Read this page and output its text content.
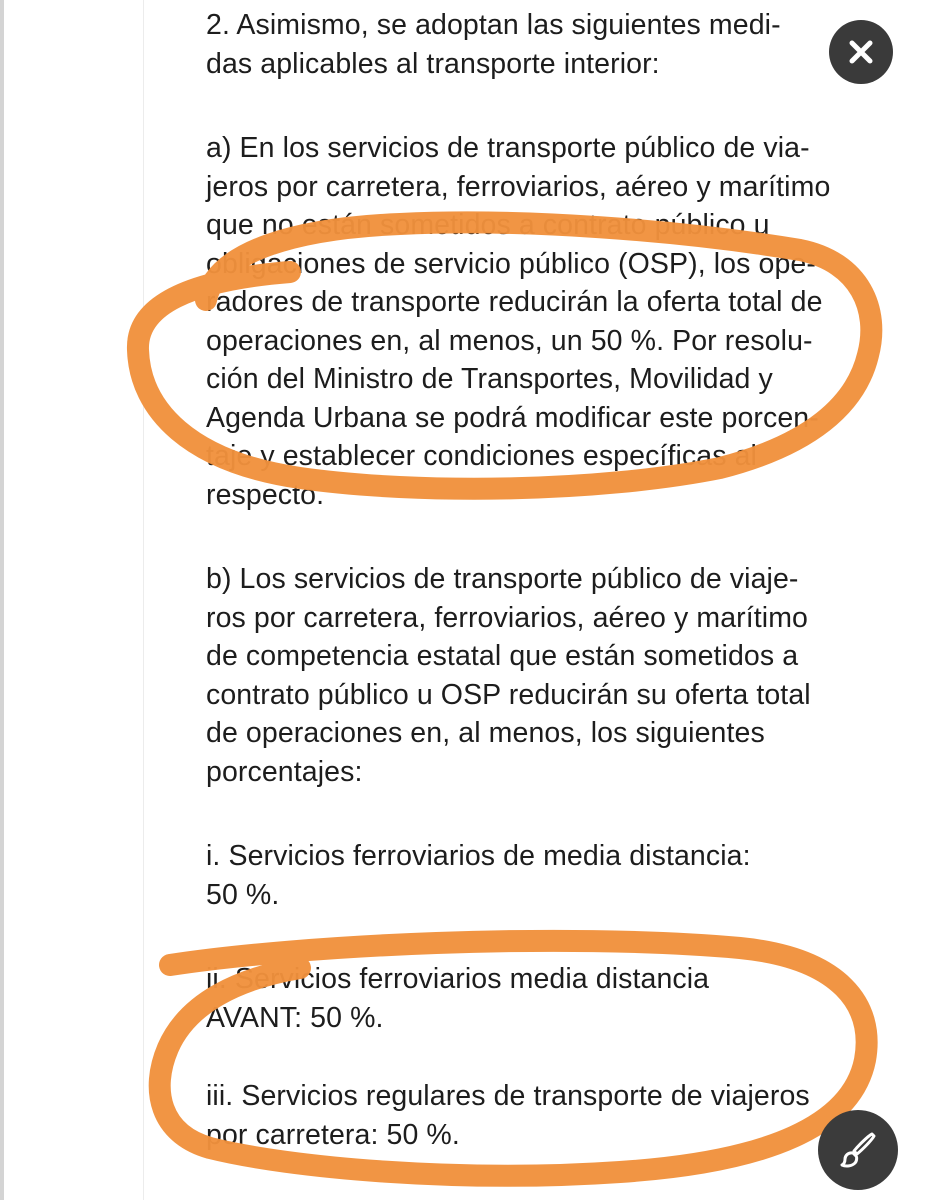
2. Asimismo, se adoptan las siguientes medi-
das aplicables al transporte interior:
a) En los servicios de transporte público de via-
jeros por carretera, ferroviarios, aéreo y marítimo
que no están sometidos a contrato público u
obligaciones de servicio público (OSP), los ope-
radores de transporte reducirán la oferta total de
operaciones en, al menos, un 50 %. Por resolu-
ción del Ministro de Transportes, Movilidad y
Agenda Urbana se podrá modificar este porcen-
taje y establecer condiciones específicas al
respecto.
b) Los servicios de transporte público de viaje-
ros por carretera, ferroviarios, aéreo y marítimo
de competencia estatal que están sometidos a
contrato público u OSP reducirán su oferta total
de operaciones en, al menos, los siguientes
porcentajes:
i. Servicios ferroviarios de media distancia:
50 %.
ii. Servicios ferroviarios media distancia
AVANT: 50 %.
iii. Servicios regulares de transporte de viajeros
por carretera: 50 %.
